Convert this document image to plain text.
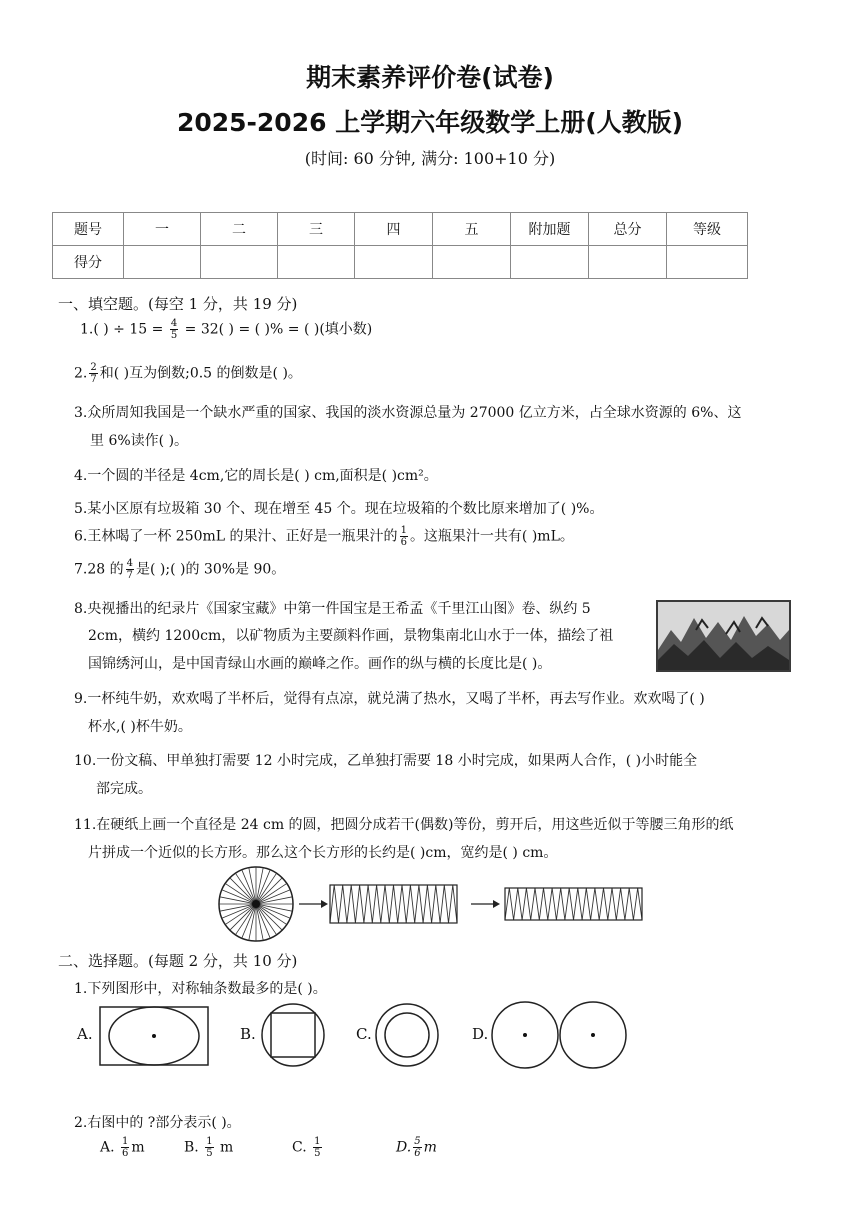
期末素养评价卷(试卷)
2025-2026 上学期六年级数学上册(人教版)
(时间: 60 分钟, 满分: 100+10 分)
题号	一	二	三	四	五	附加题	总分	等级
得分								
一、填空题。(每空 1 分，共 19 分)
1.( ) ÷ $15 = \frac{4}{5} = 32$( ) = ( )% = ( )(填小数)
2. $\frac{2}{7}$ 和( )互为倒数;0.5 的倒数是( )。
3.众所周知我国是一个缺水严重的国家、我国的淡水资源总量为 27000 亿立方米，占全球水资源的 6%、这
里 6%读作( )。
4.一个圆的半径是 4cm,它的周长是( ) cm,面积是( )cm²。
5.某小区原有垃圾箱 30 个、现在增至 45 个。现在垃圾箱的个数比原来增加了( )%。
6.王林喝了一杯 250mL 的果汁、正好是一瓶果汁的 $\frac{1}{6}$ 。这瓶果汁一共有( )mL。
7.28 的 $\frac{4}{7}$ 是( );( )的 30%是 90。
8.央视播出的纪录片《国家宝藏》中第一件国宝是王希孟《千里江山图》卷、纵约 5
2cm，横约 1200cm，以矿物质为主要颜料作画，景物集南北山水于一体，描绘了祖
国锦绣河山，是中国青绿山水画的巅峰之作。画作的纵与横的长度比是( )。
9.一杯纯牛奶，欢欢喝了半杯后，觉得有点凉，就兑满了热水，又喝了半杯，再去写作业。欢欢喝了( )
杯水,( )杯牛奶。
10.一份文稿、甲单独打需要 12 小时完成，乙单独打需要 18 小时完成，如果两人合作，( )小时能全
部完成。
11.在硬纸上画一个直径是 24 cm 的圆，把圆分成若干(偶数)等份，剪开后，用这些近似于等腰三角形的纸
片拼成一个近似的长方形。那么这个长方形的长约是( )cm，宽约是( ) cm。
二、选择题。(每题 2 分，共 10 分)
1.下列图形中，对称轴条数最多的是( )。
A.	B.	C.	D.
2.右图中的 ?部分表示( )。
A. $\frac{1}{6}$ m	B. $\frac{1}{5}$ m	C. $\frac{1}{5}$	D. $\frac{5}{6}$ m
